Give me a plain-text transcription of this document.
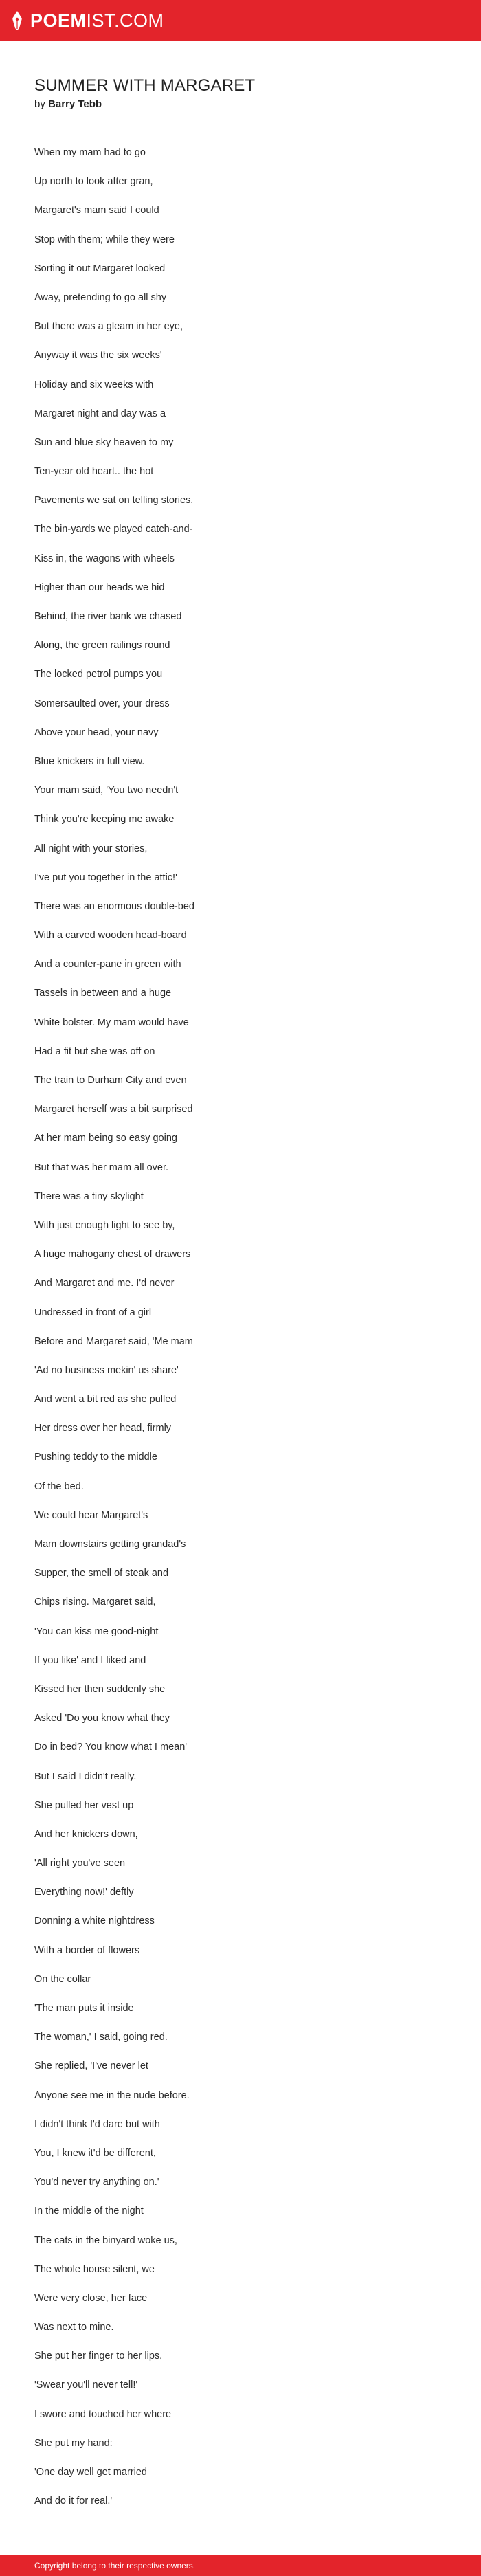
POEMIST.COM
SUMMER WITH MARGARET
by Barry Tebb
When my mam had to go
Up north to look after gran,
Margaret's mam said I could
Stop with them; while they were
Sorting it out Margaret looked
Away, pretending to go all shy
But there was a gleam in her eye,
Anyway it was the six weeks'
Holiday and six weeks with
Margaret night and day was a
Sun and blue sky heaven to my
Ten-year old heart.. the hot
Pavements we sat on telling stories,
The bin-yards we played catch-and-
Kiss in, the wagons with wheels
Higher than our heads we hid
Behind, the river bank we chased
Along, the green railings round
The locked petrol pumps you
Somersaulted over, your dress
Above your head, your navy
Blue knickers in full view.
Your mam said, 'You two needn't
Think you're keeping me awake
All night with your stories,
I've put you together in the attic!'
There was an enormous double-bed
With a carved wooden head-board
And a counter-pane in green with
Tassels in between and a huge
White bolster. My mam would have
Had a fit but she was off on
The train to Durham City and even
Margaret herself was a bit surprised
At her mam being so easy going
But that was her mam all over.
There was a tiny skylight
With just enough light to see by,
A huge mahogany chest of drawers
And Margaret and me. I'd never
Undressed in front of a girl
Before and Margaret said, 'Me mam
'Ad no business mekin' us share'
And went a bit red as she pulled
Her dress over her head, firmly
Pushing teddy to the middle
Of the bed.
We could hear Margaret's
Mam downstairs getting grandad's
Supper, the smell of steak and
Chips rising. Margaret said,
'You can kiss me good-night
If you like' and I liked and
Kissed her then suddenly she
Asked 'Do you know what they
Do in bed? You know what I mean'
But I said I didn't really.
She pulled her vest up
And her knickers down,
'All right you've seen
Everything now!' deftly
Donning a white nightdress
With a border of flowers
On the collar
'The man puts it inside
The woman,' I said, going red.
She replied, 'I've never let
Anyone see me in the nude before.
I didn't think I'd dare but with
You, I knew it'd be different,
You'd never try anything on.'
In the middle of the night
The cats in the binyard woke us,
The whole house silent, we
Were very close, her face
Was next to mine.
She put her finger to her lips,
'Swear you'll never tell!'
I swore and touched her where
She put my hand:
'One day well get married
And do it for real.'
Copyright belong to their respective owners.
